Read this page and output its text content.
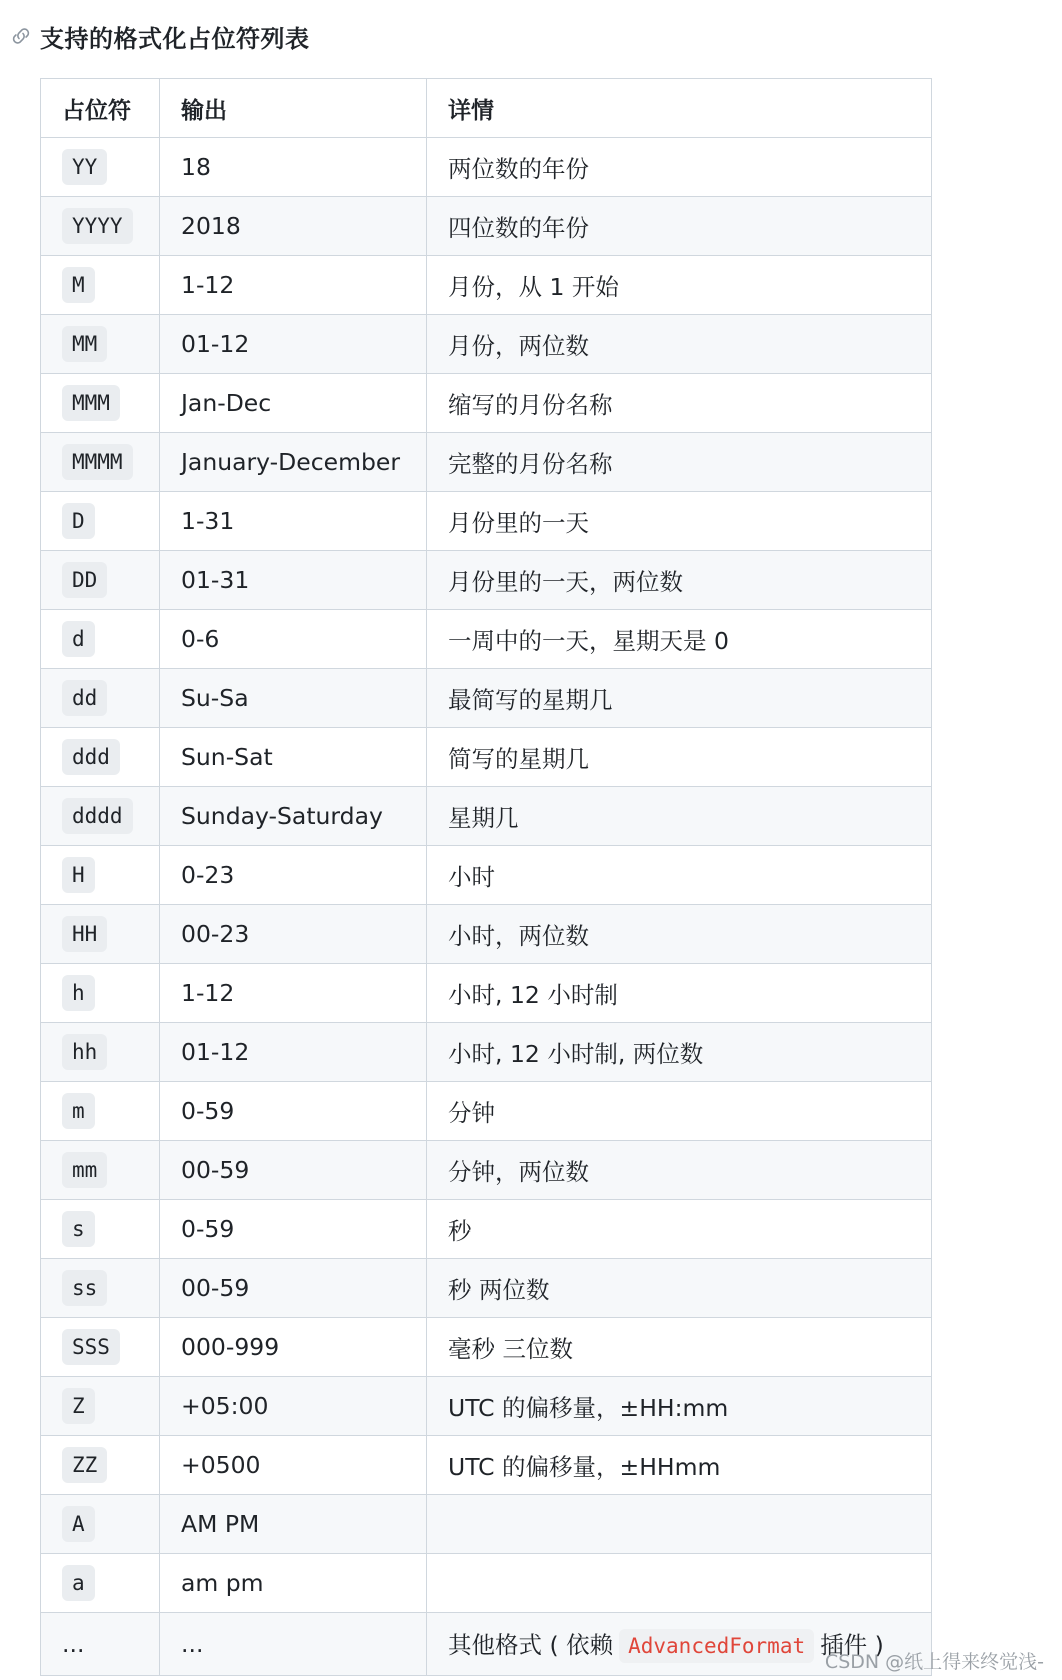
支持的格式化占位符列表
占位符	输出	详情
YY	18	两位数的年份
YYYY	2018	四位数的年份
M	1-12	月份，从 1 开始
MM	01-12	月份，两位数
MMM	Jan-Dec	缩写的月份名称
MMMM	January-December	完整的月份名称
D	1-31	月份里的一天
DD	01-31	月份里的一天，两位数
d	0-6	一周中的一天，星期天是 0
dd	Su-Sa	最简写的星期几
ddd	Sun-Sat	简写的星期几
dddd	Sunday-Saturday	星期几
H	0-23	小时
HH	00-23	小时，两位数
h	1-12	小时, 12 小时制
hh	01-12	小时, 12 小时制, 两位数
m	0-59	分钟
mm	00-59	分钟，两位数
s	0-59	秒
ss	00-59	秒 两位数
SSS	000-999	毫秒 三位数
Z	+05:00	UTC 的偏移量，±HH:mm
ZZ	+0500	UTC 的偏移量，±HHmm
A	AM PM	
a	am pm	
...	...	其他格式 ( 依赖 AdvancedFormat 插件 )
CSDN @纸上得来终觉浅-
